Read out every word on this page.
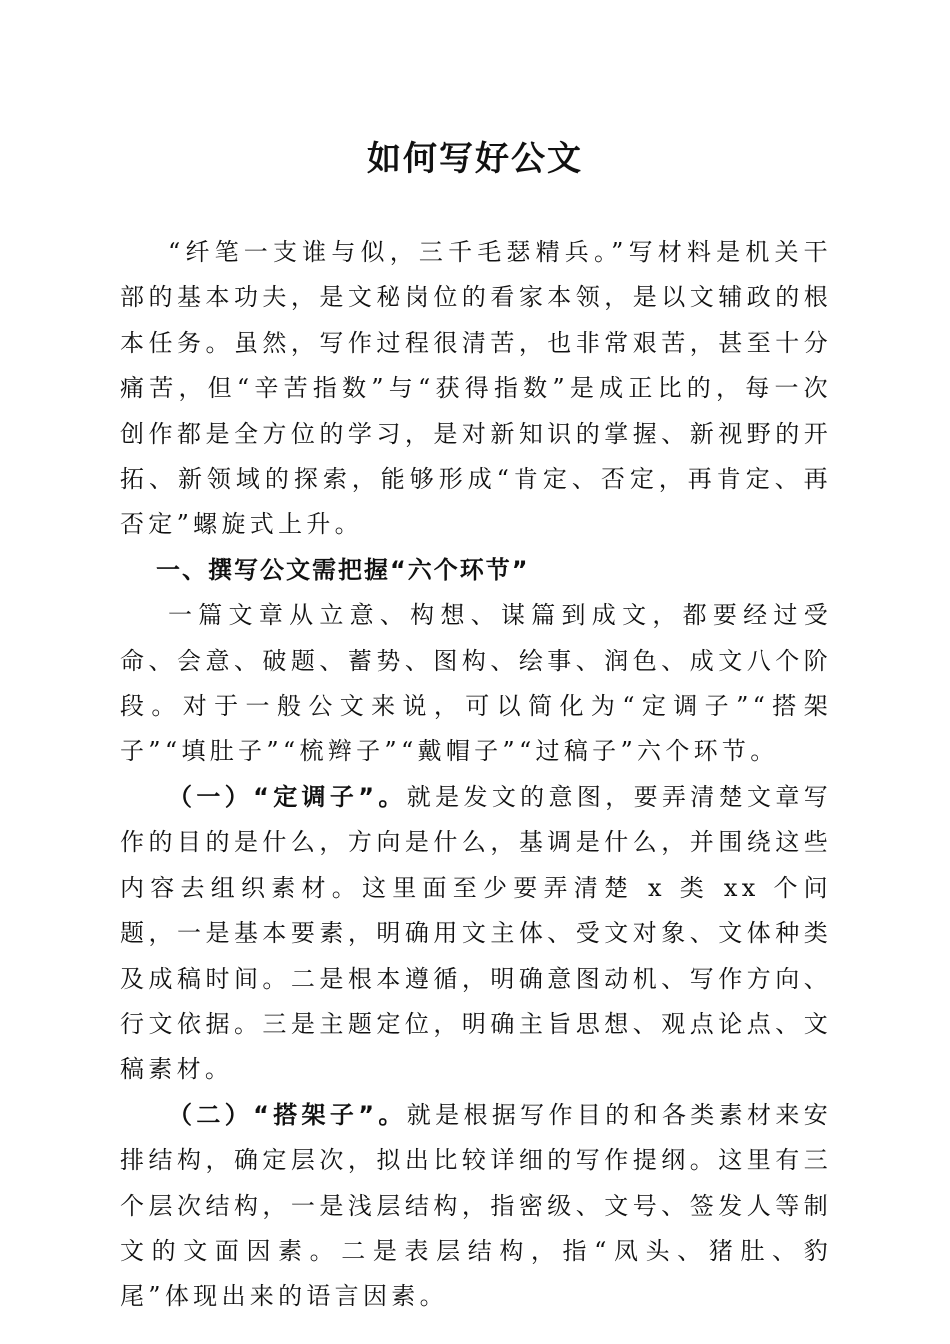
如何写好公文

“纤笔一支谁与似，三千毛瑟精兵。”写材料是机关干部的基本功夫，是文秘岗位的看家本领，是以文辅政的根本任务。虽然，写作过程很清苦，也非常艰苦，甚至十分痛苦，但“辛苦指数”与“获得指数”是成正比的，每一次创作都是全方位的学习，是对新知识的掌握、新视野的开拓、新领域的探索，能够形成“肯定、否定，再肯定、再否定”螺旋式上升。

一、撰写公文需把握“六个环节”

一篇文章从立意、构想、谋篇到成文，都要经过受命、会意、破题、蓄势、图构、绘事、润色、成文八个阶段。对于一般公文来说，可以简化为“定调子”“搭架子”“填肚子”“梳辫子”“戴帽子”“过稿子”六个环节。

（一）“定调子”。就是发文的意图，要弄清楚文章写作的目的是什么，方向是什么，基调是什么，并围绕这些内容去组织素材。这里面至少要弄清楚 x 类 xx 个问题，一是基本要素，明确用文主体、受文对象、文体种类及成稿时间。二是根本遵循，明确意图动机、写作方向、行文依据。三是主题定位，明确主旨思想、观点论点、文稿素材。

（二）“搭架子”。就是根据写作目的和各类素材来安排结构，确定层次，拟出比较详细的写作提纲。这里有三个层次结构，一是浅层结构，指密级、文号、签发人等制文的文面因素。二是表层结构，指“凤头、猪肚、豹尾”体现出来的语言因素。
